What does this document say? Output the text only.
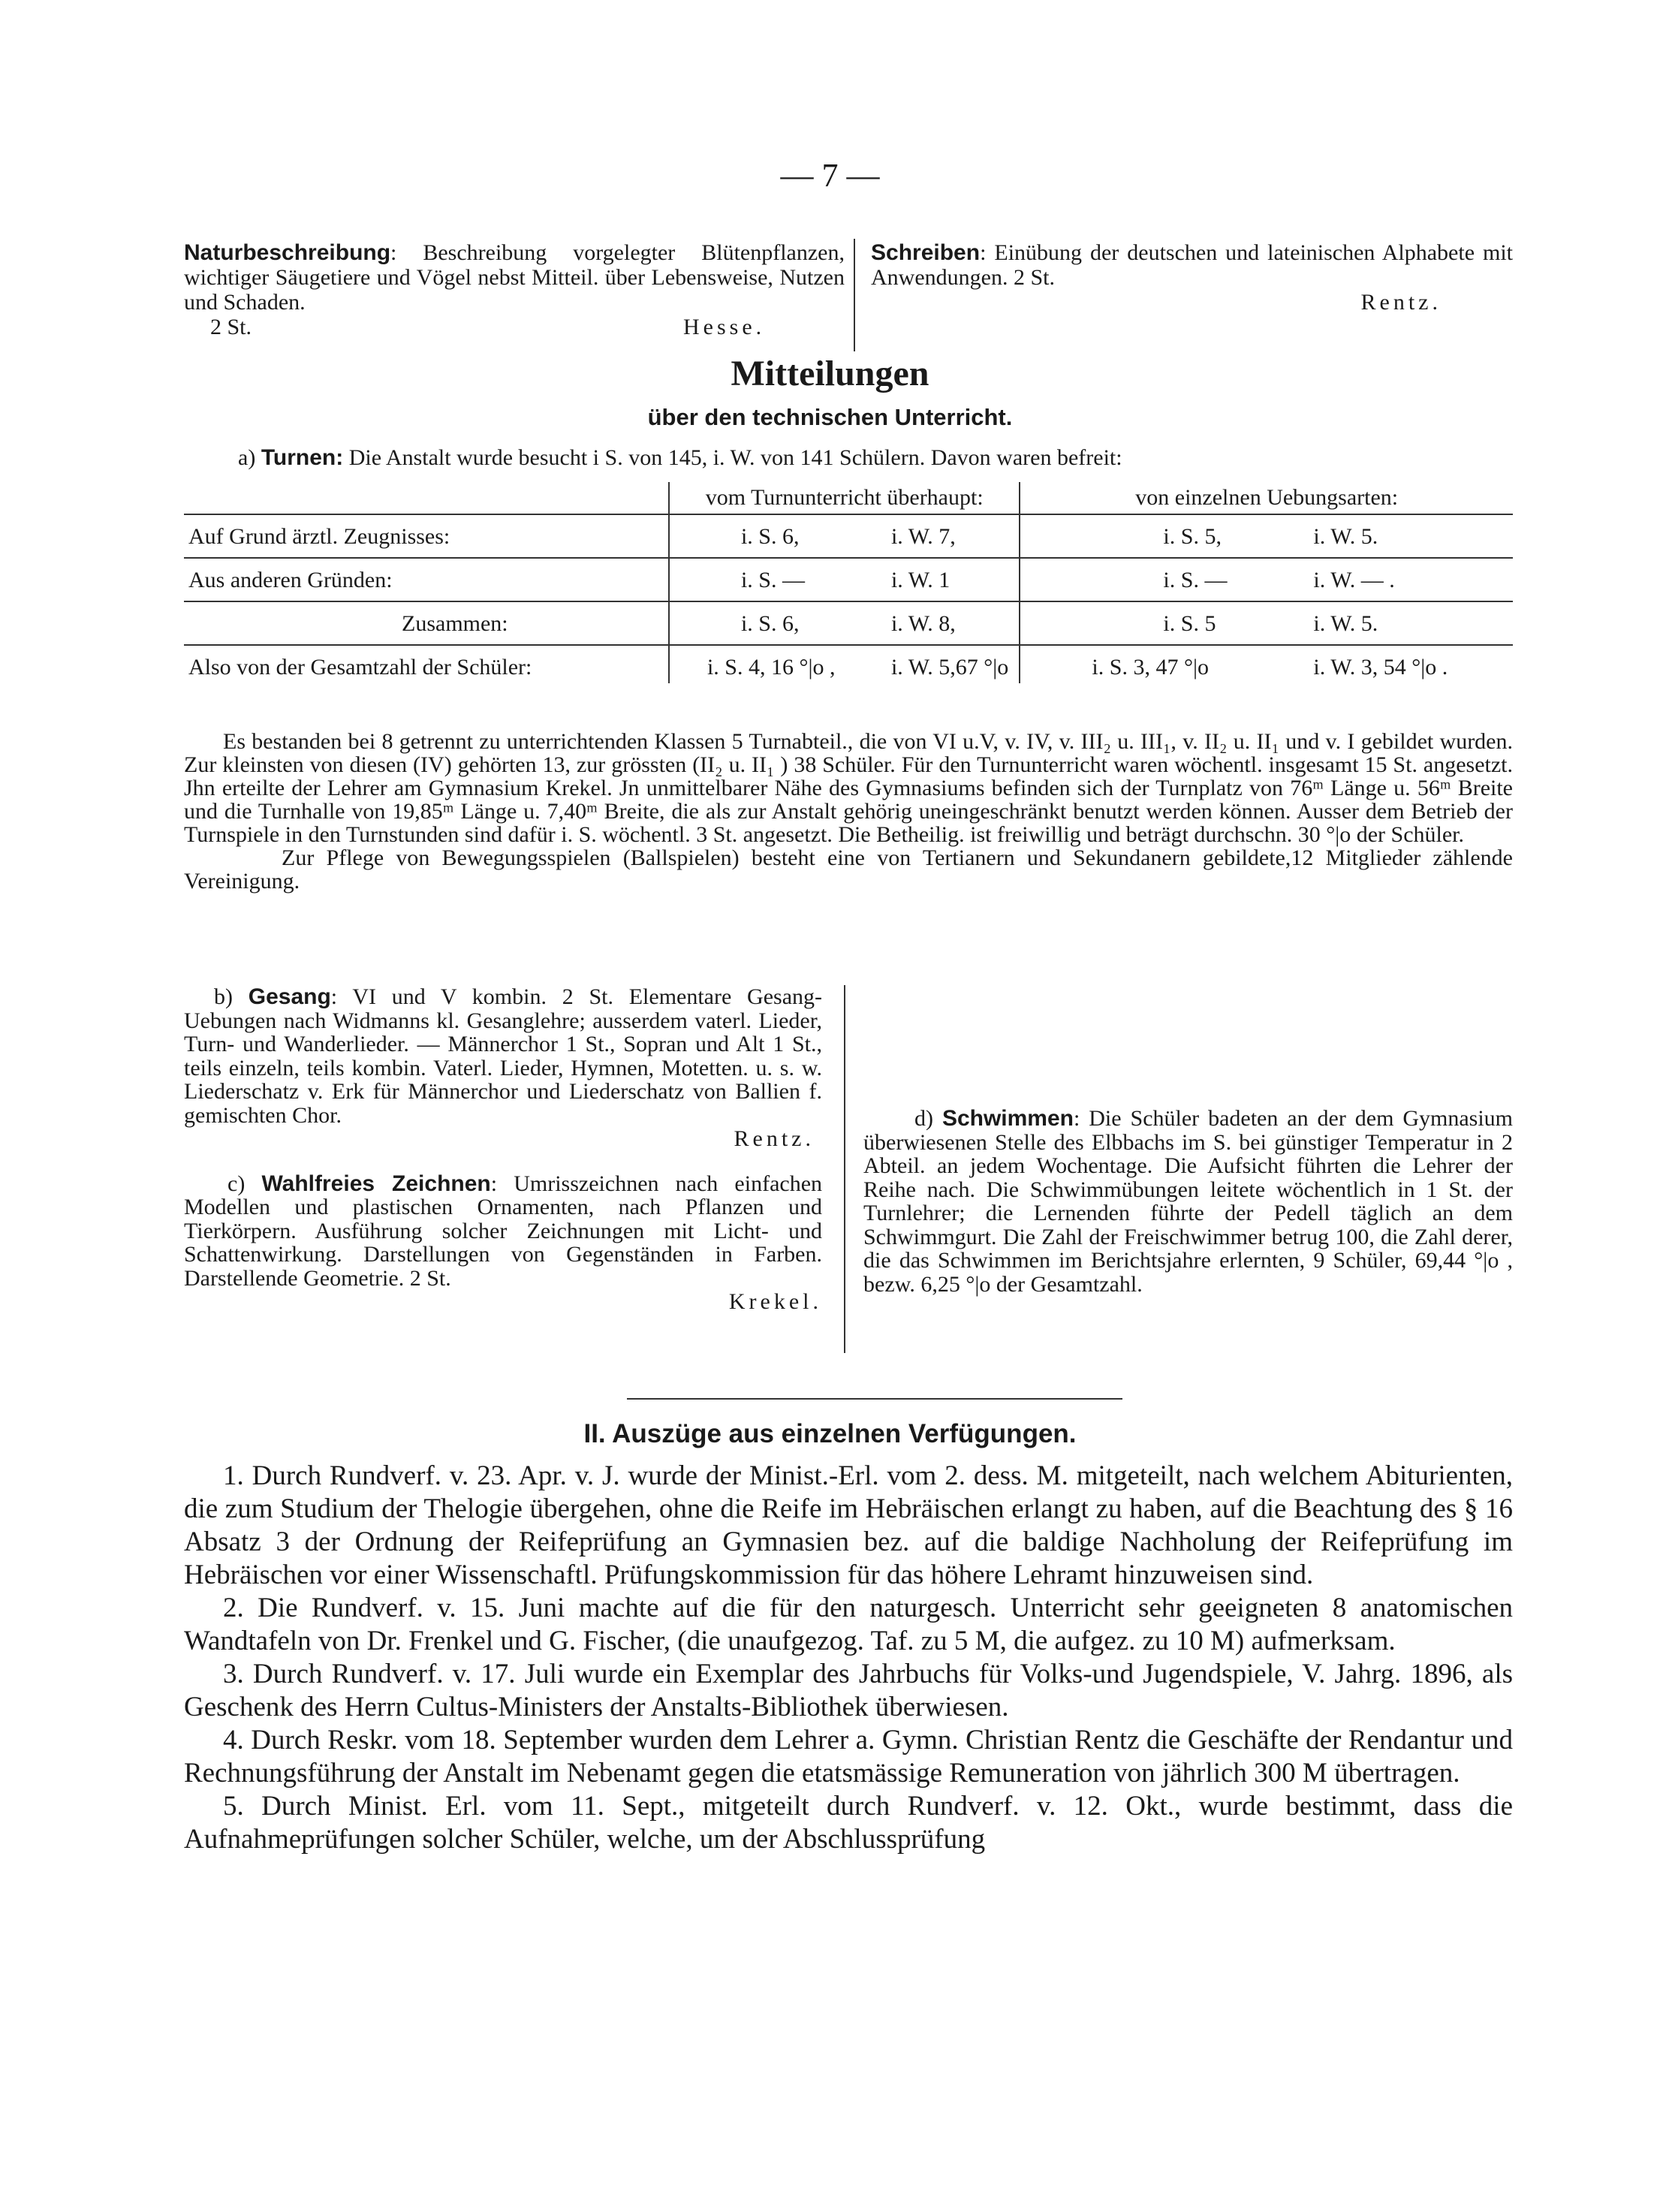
— 7 —

Naturbeschreibung: Beschreibung vorgelegter Blütenpflanzen, wichtiger Säugetiere und Vögel nebst Mitteil. über Lebensweise, Nutzen und Schaden.

2 St.	Hesse.

Schreiben: Einübung der deutschen und lateinischen Alphabete mit Anwendungen. 2 St.

Rentz.

Mitteilungen
über den technischen Unterricht.
a) Turnen: Die Anstalt wurde besucht i S. von 145, i. W. von 141 Schülern. Davon waren befreit:
	vom Turnunterricht überhaupt:	von einzelnen Uebungsarten:
Auf Grund ärztl. Zeugnisses:	i. S. 6, i. W. 7,	i. S. 5, i. W. 5.
Aus anderen Gründen:	i. S. — i. W. 1	i. S. — i. W. — .
Zusammen:	i. S. 6, i. W. 8,	i. S. 5 i. W. 5.
Also von der Gesamtzahl der Schüler:	i. S. 4, 16 °|o , i. W. 5,67 °|o	i. S. 3, 47 °|o i. W. 3, 54 °|o .

Es bestanden bei 8 getrennt zu unterrichtenden Klassen 5 Turnabteil., die von VI u.V, v. IV, v. III₂ u. III₁, v. II₂ u. II₁ und v. I gebildet wurden. Zur kleinsten von diesen (IV) gehörten 13, zur grössten (II₂ u. II₁ ) 38 Schüler. Für den Turnunterricht waren wöchentl. insgesamt 15 St. angesetzt. Jhn erteilte der Lehrer am Gymnasium Krekel. Jn unmittelbarer Nähe des Gymnasiums befinden sich der Turnplatz von 76ᵐ Länge u. 56ᵐ Breite und die Turnhalle von 19,85ᵐ Länge u. 7,40ᵐ Breite, die als zur Anstalt gehörig uneingeschränkt benutzt werden können. Ausser dem Betrieb der Turnspiele in den Turnstunden sind dafür i. S. wöchentl. 3 St. angesetzt. Die Betheilig. ist freiwillig und beträgt durchschn. 30 °|o der Schüler.

Zur Pflege von Bewegungsspielen (Ballspielen) besteht eine von Tertianern und Sekundanern gebildete,12 Mitglieder zählende Vereinigung.

b) Gesang: VI und V kombin. 2 St. Elementare Gesang- Uebungen nach Widmanns kl. Gesanglehre; ausserdem vaterl. Lieder, Turn- und Wanderlieder. — Männerchor 1 St., Sopran und Alt 1 St., teils einzeln, teils kombin. Vaterl. Lieder, Hymnen, Motetten. u. s. w. Liederschatz v. Erk für Männerchor und Liederschatz von Ballien f. gemischten Chor.

Rentz.

c) Wahlfreies Zeichnen: Umrisszeichnen nach einfachen Modellen und plastischen Ornamenten, nach Pflanzen und Tierkörpern. Ausführung solcher Zeichnungen mit Licht- und Schattenwirkung. Darstellungen von Gegenständen in Farben. Darstellende Geometrie. 2 St.

Krekel.

d) Schwimmen: Die Schüler badeten an der dem Gymnasium überwiesenen Stelle des Elbbachs im S. bei günstiger Temperatur in 2 Abteil. an jedem Wochentage. Die Aufsicht führten die Lehrer der Reihe nach. Die Schwimmübungen leitete wöchentlich in 1 St. der Turnlehrer; die Lernenden führte der Pedell täglich an dem Schwimmgurt. Die Zahl der Freischwimmer betrug 100, die Zahl derer, die das Schwimmen im Berichtsjahre erlernten, 9 Schüler, 69,44 °|o , bezw. 6,25 °|o der Gesamtzahl.

II. Auszüge aus einzelnen Verfügungen.

1. Durch Rundverf. v. 23. Apr. v. J. wurde der Minist.-Erl. vom 2. dess. M. mitgeteilt, nach welchem Abiturienten, die zum Studium der Thelogie übergehen, ohne die Reife im Hebräischen erlangt zu haben, auf die Beachtung des § 16 Absatz 3 der Ordnung der Reifeprüfung an Gymnasien bez. auf die baldige Nachholung der Reifeprüfung im Hebräischen vor einer Wissenschaftl. Prüfungskommission für das höhere Lehramt hinzuweisen sind.

2. Die Rundverf. v. 15. Juni machte auf die für den naturgesch. Unterricht sehr geeigneten 8 anatomischen Wandtafeln von Dr. Frenkel und G. Fischer, (die unaufgezog. Taf. zu 5 M, die aufgez. zu 10 M) aufmerksam.

3. Durch Rundverf. v. 17. Juli wurde ein Exemplar des Jahrbuchs für Volks-und Jugendspiele, V. Jahrg. 1896, als Geschenk des Herrn Cultus-Ministers der Anstalts-Bibliothek überwiesen.

4. Durch Reskr. vom 18. September wurden dem Lehrer a. Gymn. Christian Rentz die Geschäfte der Rendantur und Rechnungsführung der Anstalt im Nebenamt gegen die etatsmässige Remuneration von jährlich 300 M übertragen.

5. Durch Minist. Erl. vom 11. Sept., mitgeteilt durch Rundverf. v. 12. Okt., wurde bestimmt, dass die Aufnahmeprüfungen solcher Schüler, welche, um der Abschlussprüfung
